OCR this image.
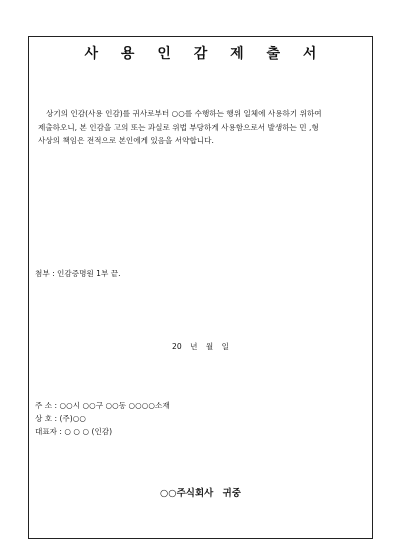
사 용 인 감 제 출 서
상기의 인감(사용 인감)를 귀사로부터 ○○를 수행하는 행위 일체에 사용하기 위하여
제출하오니, 본 인감을 고의 또는 과실로 위법 부당하게 사용함으로서 발생하는 민 ,형
사상의 책임은 전적으로 본인에게 있음을 서약합니다.
첨부 : 인감증명원 1부 끝.
20 년 월 일
주 소 : ○○시 ○○구 ○○동 ○○○○소재
상 호 : (주)○○
대표자 : ○ ○ ○ (인감)
○○주식회사 귀중
